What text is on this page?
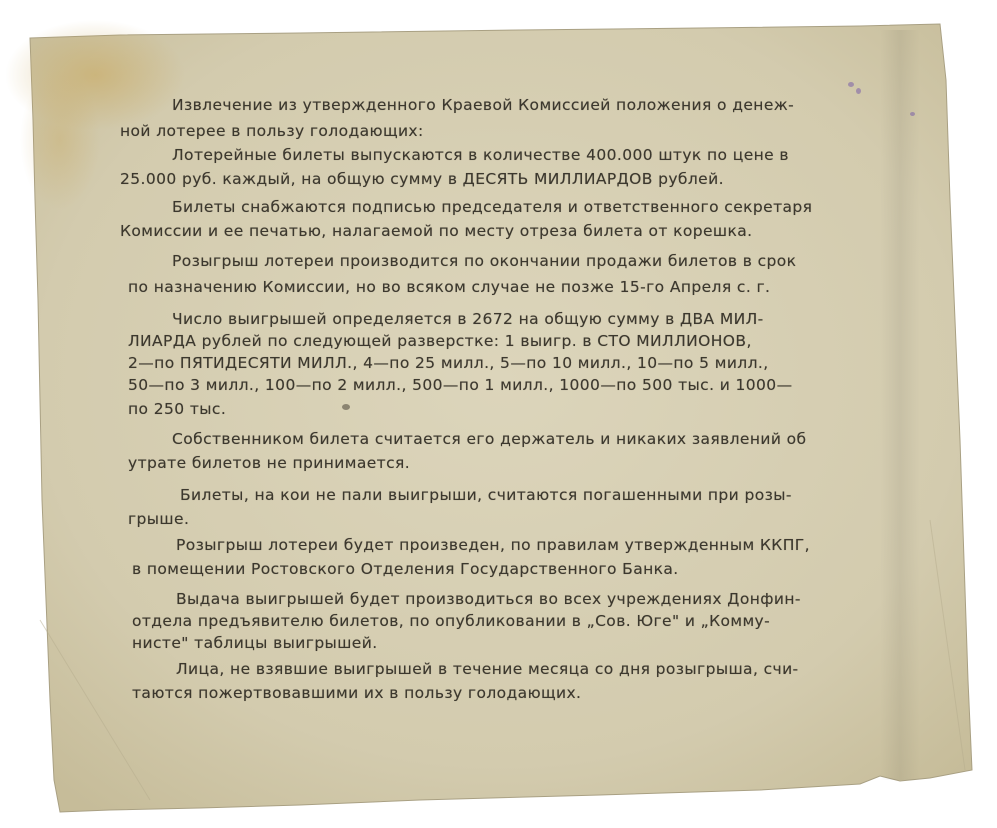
Извлечение из утвержденного Краевой Комиссией положения о денеж-
ной лотерее в пользу голодающих:
Лотерейные билеты выпускаются в количестве 400.000 штук по цене в
25.000 руб. каждый, на общую сумму в ДЕСЯТЬ МИЛЛИАРДОВ рублей.
Билеты снабжаются подписью председателя и ответственного секретаря
Комиссии и ее печатью, налагаемой по месту отреза билета от корешка.
Розыгрыш лотереи производится по окончании продажи билетов в срок
по назначению Комиссии, но во всяком случае не позже 15-го Апреля с. г.
Число выигрышей определяется в 2672 на общую сумму в ДВА МИЛ-
ЛИАРДА рублей по следующей разверстке: 1 выигр. в СТО МИЛЛИОНОВ,
2—по ПЯТИДЕСЯТИ МИЛЛ., 4—по 25 милл., 5—по 10 милл., 10—по 5 милл.,
50—по 3 милл., 100—по 2 милл., 500—по 1 милл., 1000—по 500 тыс. и 1000—
по 250 тыс.
Собственником билета считается его держатель и никаких заявлений об
утрате билетов не принимается.
Билеты, на кои не пали выигрыши, считаются погашенными при розы-
грыше.
Розыгрыш лотереи будет произведен, по правилам утвержденным ККПГ,
в помещении Ростовского Отделения Государственного Банка.
Выдача выигрышей будет производиться во всех учреждениях Донфин-
отдела предъявителю билетов, по опубликовании в „Сов. Юге" и „Комму-
нисте" таблицы выигрышей.
Лица, не взявшие выигрышей в течение месяца со дня розыгрыша, счи-
таются пожертвовавшими их в пользу голодающих.
